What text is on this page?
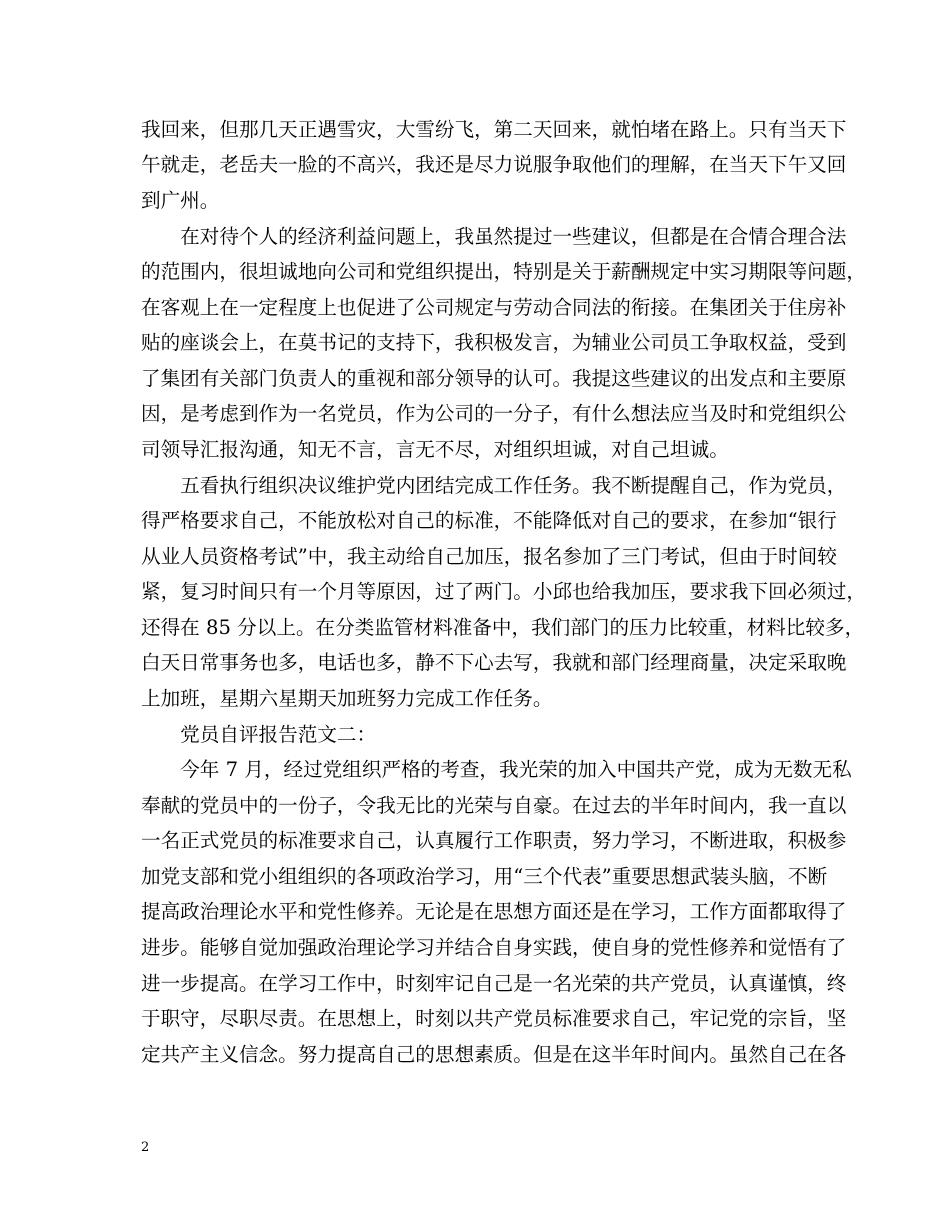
我回来，但那几天正遇雪灾，大雪纷飞，第二天回来，就怕堵在路上。只有当天下
午就走，老岳夫一脸的不高兴，我还是尽力说服争取他们的理解，在当天下午又回
到广州。
　　在对待个人的经济利益问题上，我虽然提过一些建议，但都是在合情合理合法
的范围内，很坦诚地向公司和党组织提出，特别是关于薪酬规定中实习期限等问题，
在客观上在一定程度上也促进了公司规定与劳动合同法的衔接。在集团关于住房补
贴的座谈会上，在莫书记的支持下，我积极发言，为辅业公司员工争取权益，受到
了集团有关部门负责人的重视和部分领导的认可。我提这些建议的出发点和主要原
因，是考虑到作为一名党员，作为公司的一分子，有什么想法应当及时和党组织公
司领导汇报沟通，知无不言，言无不尽，对组织坦诚，对自己坦诚。
　　五看执行组织决议维护党内团结完成工作任务。我不断提醒自己，作为党员，
得严格要求自己，不能放松对自己的标准，不能降低对自己的要求，在参加“银行
从业人员资格考试”中，我主动给自己加压，报名参加了三门考试，但由于时间较
紧，复习时间只有一个月等原因，过了两门。小邱也给我加压，要求我下回必须过，
还得在 85 分以上。在分类监管材料准备中，我们部门的压力比较重，材料比较多，
白天日常事务也多，电话也多，静不下心去写，我就和部门经理商量，决定采取晚
上加班，星期六星期天加班努力完成工作任务。
　　党员自评报告范文二：
　　今年 7 月，经过党组织严格的考查，我光荣的加入中国共产党，成为无数无私
奉献的党员中的一份子，令我无比的光荣与自豪。在过去的半年时间内，我一直以
一名正式党员的标准要求自己，认真履行工作职责，努力学习，不断进取，积极参
加党支部和党小组组织的各项政治学习，用“三个代表”重要思想武装头脑，不断
提高政治理论水平和党性修养。无论是在思想方面还是在学习，工作方面都取得了
进步。能够自觉加强政治理论学习并结合自身实践，使自身的党性修养和觉悟有了
进一步提高。在学习工作中，时刻牢记自己是一名光荣的共产党员，认真谨慎，终
于职守，尽职尽责。在思想上，时刻以共产党员标准要求自己，牢记党的宗旨，坚
定共产主义信念。努力提高自己的思想素质。但是在这半年时间内。虽然自己在各
2
